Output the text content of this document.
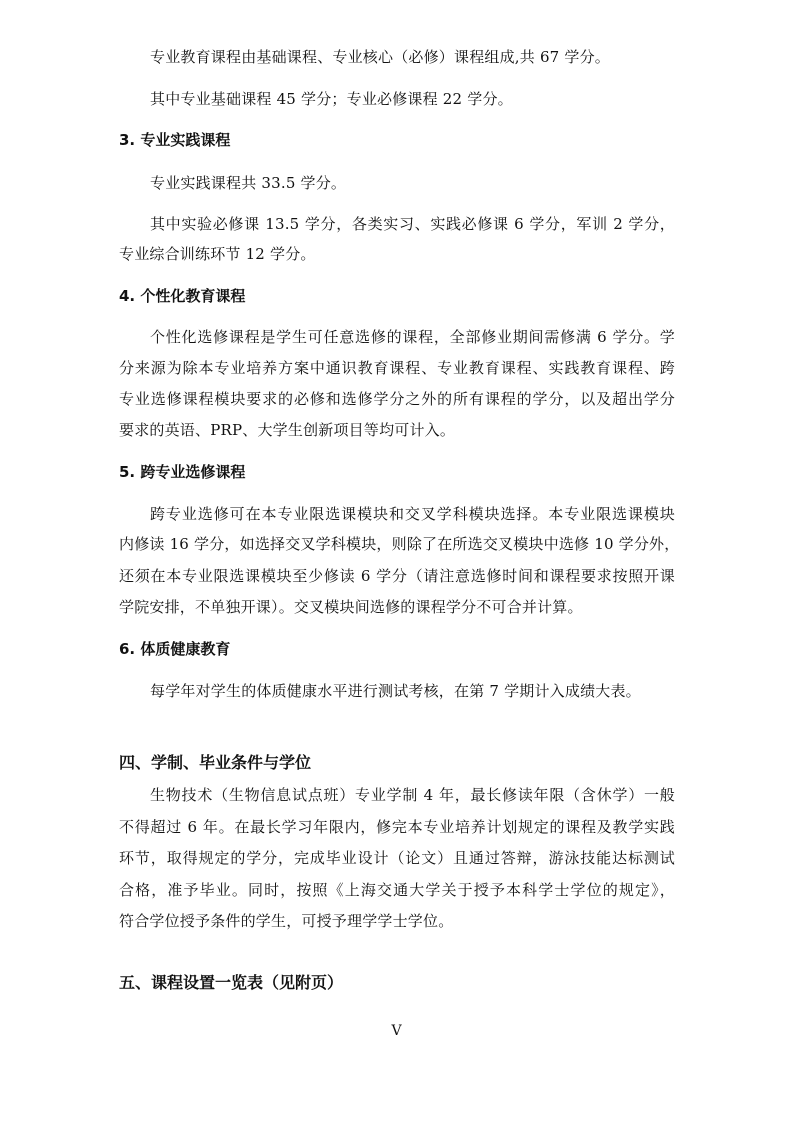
专业教育课程由基础课程、专业核心（必修）课程组成,共 67 学分。
其中专业基础课程 45 学分；专业必修课程 22 学分。
3. 专业实践课程
专业实践课程共 33.5 学分。
其中实验必修课 13.5 学分，各类实习、实践必修课 6 学分，军训 2 学分，
专业综合训练环节 12 学分。
4. 个性化教育课程
个性化选修课程是学生可任意选修的课程，全部修业期间需修满 6 学分。学
分来源为除本专业培养方案中通识教育课程、专业教育课程、实践教育课程、跨
专业选修课程模块要求的必修和选修学分之外的所有课程的学分，以及超出学分
要求的英语、PRP、大学生创新项目等均可计入。
5. 跨专业选修课程
跨专业选修可在本专业限选课模块和交叉学科模块选择。本专业限选课模块
内修读 16 学分，如选择交叉学科模块，则除了在所选交叉模块中选修 10 学分外，
还须在本专业限选课模块至少修读 6 学分（请注意选修时间和课程要求按照开课
学院安排，不单独开课）。交叉模块间选修的课程学分不可合并计算。
6. 体质健康教育
每学年对学生的体质健康水平进行测试考核，在第 7 学期计入成绩大表。
四、学制、毕业条件与学位
生物技术（生物信息试点班）专业学制 4 年，最长修读年限（含休学）一般
不得超过 6 年。在最长学习年限内，修完本专业培养计划规定的课程及教学实践
环节，取得规定的学分，完成毕业设计（论文）且通过答辩，游泳技能达标测试
合格，准予毕业。同时，按照《上海交通大学关于授予本科学士学位的规定》，
符合学位授予条件的学生，可授予理学学士学位。
五、课程设置一览表（见附页）
V
